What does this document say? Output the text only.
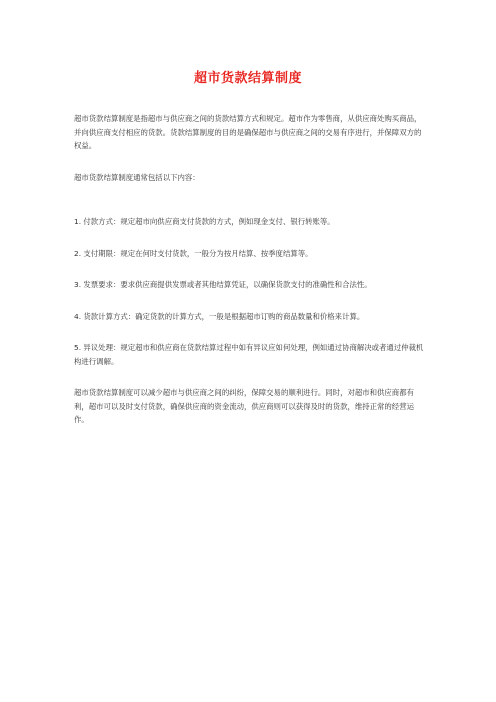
超市货款结算制度

超市货款结算制度是指超市与供应商之间的货款结算方式和规定。超市作为零售商，从供应商处购买商品，并向供应商支付相应的货款。货款结算制度的目的是确保超市与供应商之间的交易有序进行，并保障双方的权益。

超市货款结算制度通常包括以下内容：

1. 付款方式：规定超市向供应商支付货款的方式，例如现金支付、银行转账等。

2. 支付期限：规定在何时支付货款，一般分为按月结算、按季度结算等。

3. 发票要求：要求供应商提供发票或者其他结算凭证，以确保货款支付的准确性和合法性。

4. 货款计算方式：确定货款的计算方式，一般是根据超市订购的商品数量和价格来计算。

5. 异议处理：规定超市和供应商在货款结算过程中如有异议应如何处理，例如通过协商解决或者通过仲裁机构进行调解。

超市货款结算制度可以减少超市与供应商之间的纠纷，保障交易的顺利进行。同时，对超市和供应商都有利，超市可以及时支付货款，确保供应商的资金流动，供应商则可以获得及时的货款，维持正常的经营运作。
